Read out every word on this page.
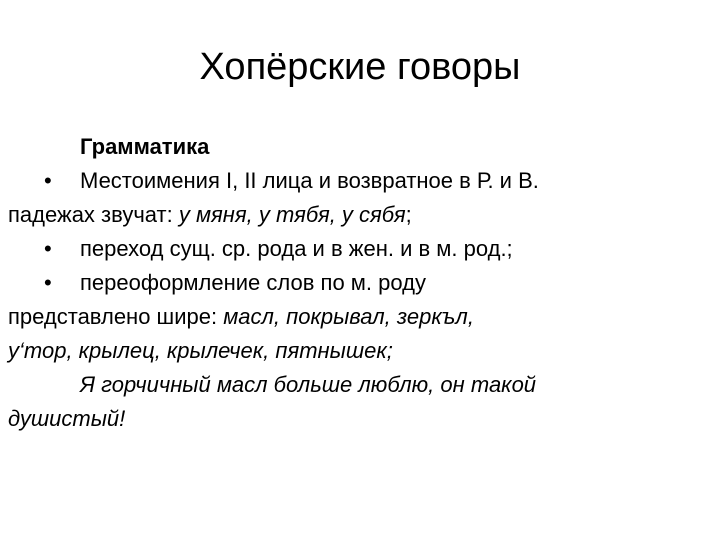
Хопёрские говоры
Грамматика
•	Местоимения I, II лица и возвратное в Р. и В.
падежах звучат: у мяня, у тябя, у сябя;
•	переход сущ. ср. рода и в жен. и в м. род.;
•	переоформление слов по м. роду
представлено шире: масл, покрывал, зеркъл,
у‘тор, крылец, крылечек, пятнышек;
Я горчичный масл больше люблю, он такой
душистый!
